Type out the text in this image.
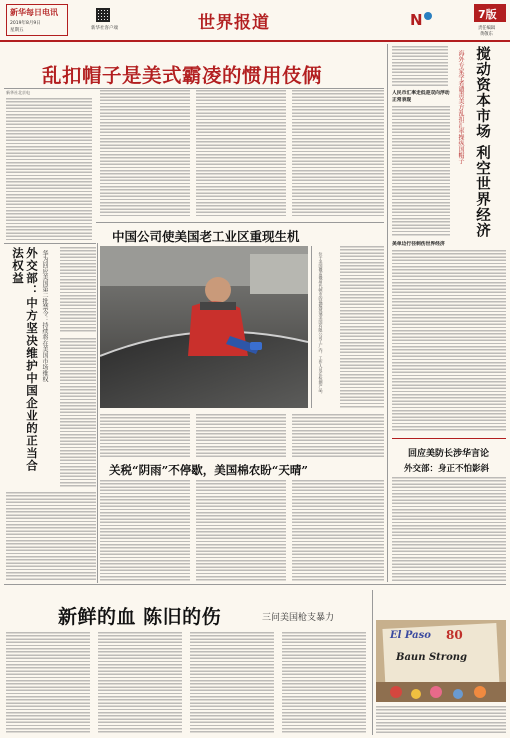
新华每日电讯
2019年8月9日
星期五	新华社客户端	世界报道	N	7版
责任编辑
黄敬东
乱扣帽子是美式霸凌的惯用伎俩
新华社北京电
外交部：中方坚决维护中国企业的正当合法权益	华为回应美国第二批禁令：持续将在美国市场维权
中国公司使美国老工业区重现生机
位于美国俄亥俄州代顿市的福耀玻璃美国有限公司工厂内，工作人员在检测产品。
关税“阴雨”不停歇，美国棉农盼“天晴”
搅动资本市场 利空世界经济
海外专家学者谴责美方乱扣汇率操纵国帽子
人民币汇率走低是双向浮动正常表现
美单边行径刺伤世界经济
回应美防长涉华言论
外交部：身正不怕影斜
新鲜的血 陈旧的伤	三问美国枪支暴力
El Paso 80
Baun Strong
